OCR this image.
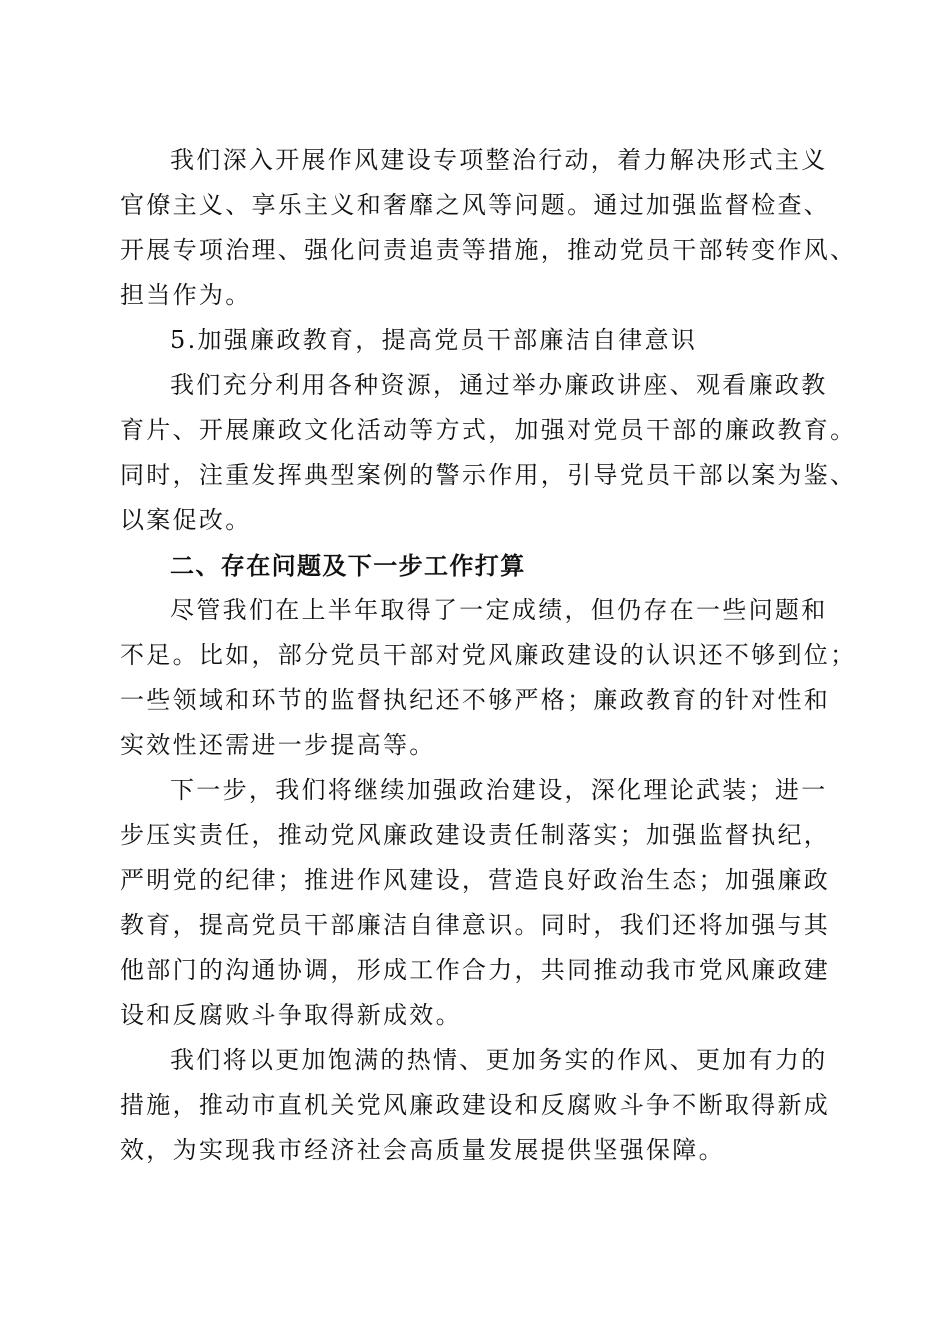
我们深入开展作风建设专项整治行动，着力解决形式主义
官僚主义、享乐主义和奢靡之风等问题。通过加强监督检查、
开展专项治理、强化问责追责等措施，推动党员干部转变作风、
担当作为。
5.加强廉政教育，提高党员干部廉洁自律意识
我们充分利用各种资源，通过举办廉政讲座、观看廉政教
育片、开展廉政文化活动等方式，加强对党员干部的廉政教育。
同时，注重发挥典型案例的警示作用，引导党员干部以案为鉴、
以案促改。
二、存在问题及下一步工作打算
尽管我们在上半年取得了一定成绩，但仍存在一些问题和
不足。比如，部分党员干部对党风廉政建设的认识还不够到位；
一些领域和环节的监督执纪还不够严格；廉政教育的针对性和
实效性还需进一步提高等。
下一步，我们将继续加强政治建设，深化理论武装；进一
步压实责任，推动党风廉政建设责任制落实；加强监督执纪，
严明党的纪律；推进作风建设，营造良好政治生态；加强廉政
教育，提高党员干部廉洁自律意识。同时，我们还将加强与其
他部门的沟通协调，形成工作合力，共同推动我市党风廉政建
设和反腐败斗争取得新成效。
我们将以更加饱满的热情、更加务实的作风、更加有力的
措施，推动市直机关党风廉政建设和反腐败斗争不断取得新成
效，为实现我市经济社会高质量发展提供坚强保障。
